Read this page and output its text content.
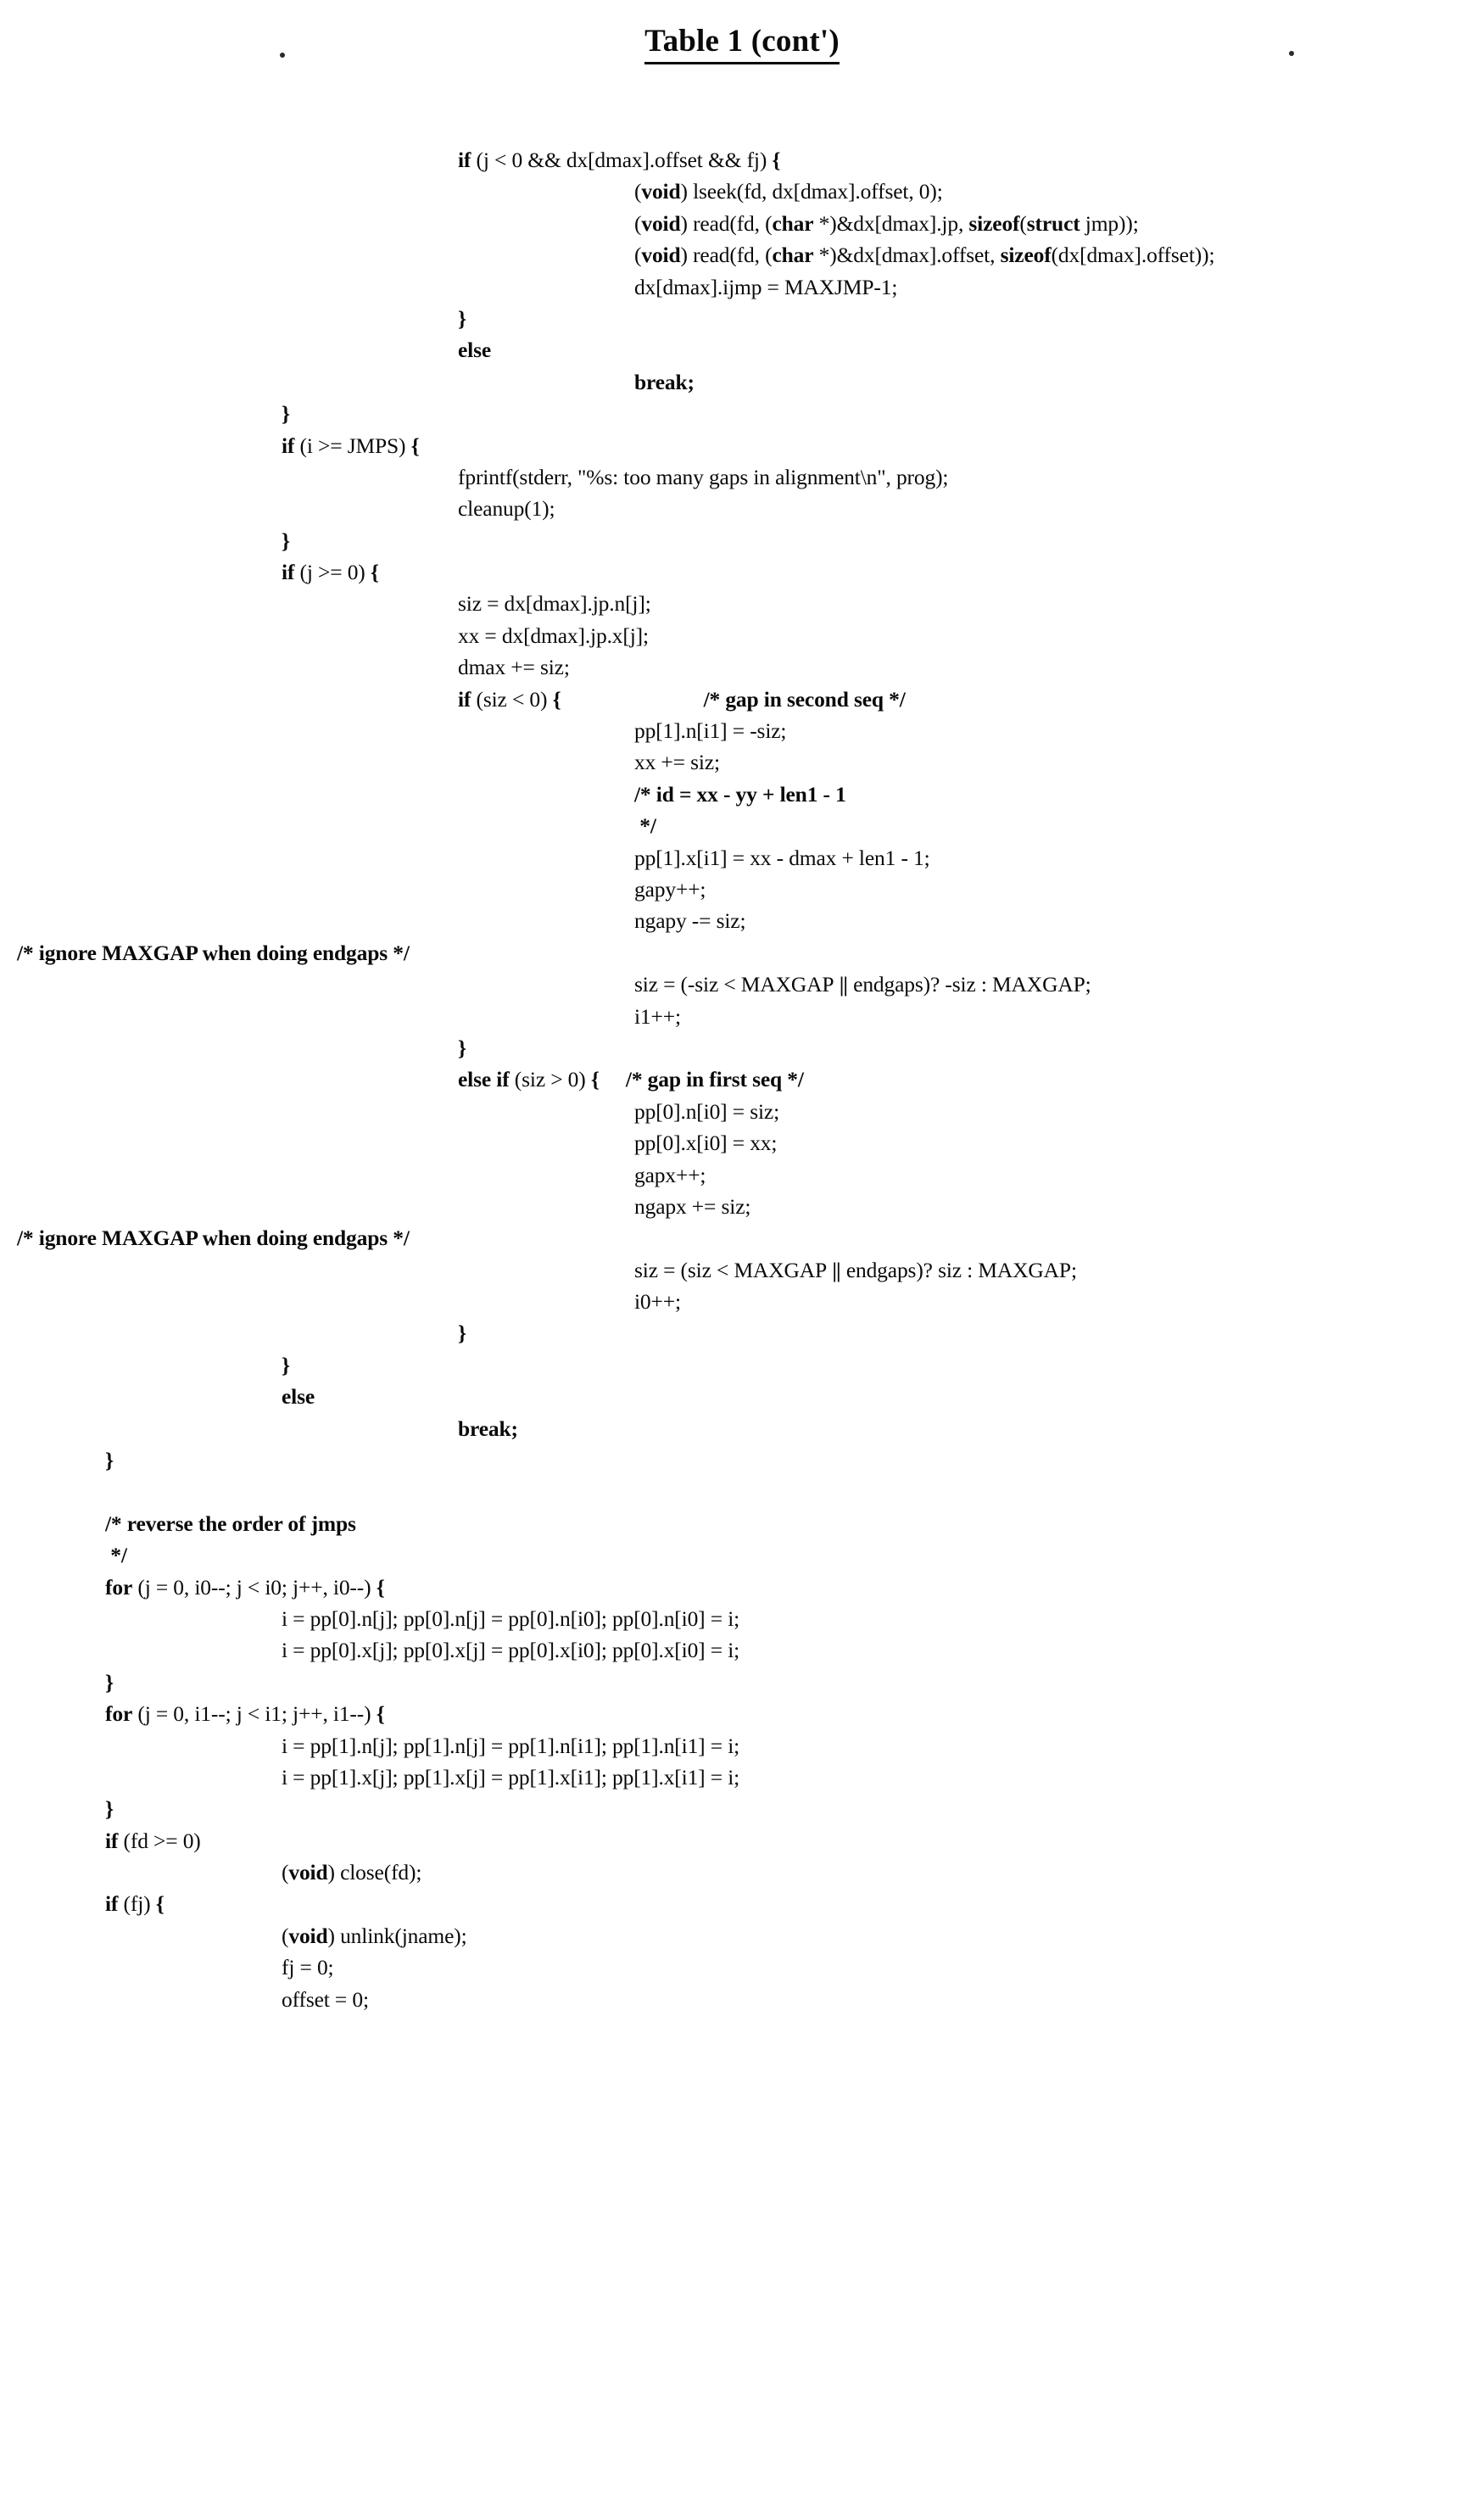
Table 1 (cont')
if (j < 0 && dx[dmax].offset && fj) {
(void) lseek(fd, dx[dmax].offset, 0);
(void) read(fd, (char *)&dx[dmax].jp, sizeof(struct jmp));
(void) read(fd, (char *)&dx[dmax].offset, sizeof(dx[dmax].offset));
dx[dmax].ijmp = MAXJMP-1;
}
else
break;
}
if (i >= JMPS) {
fprintf(stderr, "%s: too many gaps in alignment\n", prog);
cleanup(1);
}
if (j >= 0) {
siz = dx[dmax].jp.n[j];
xx = dx[dmax].jp.x[j];
dmax += siz;
if (siz < 0) {	/* gap in second seq */
pp[1].n[i1] = -siz;
xx += siz;
/* id = xx - yy + len1 - 1
*/
pp[1].x[i1] = xx - dmax + len1 - 1;
gapy++;
ngapy -= siz;
/* ignore MAXGAP when doing endgaps */
siz = (-siz < MAXGAP || endgaps)? -siz : MAXGAP;
i1++;
}
else if (siz > 0) { /* gap in first seq */
pp[0].n[i0] = siz;
pp[0].x[i0] = xx;
gapx++;
ngapx += siz;
/* ignore MAXGAP when doing endgaps */
siz = (siz < MAXGAP || endgaps)? siz : MAXGAP;
i0++;
}
}
else
break;
}
/* reverse the order of jmps
*/
for (j = 0, i0--; j < i0; j++, i0--) {
i = pp[0].n[j]; pp[0].n[j] = pp[0].n[i0]; pp[0].n[i0] = i;
i = pp[0].x[j]; pp[0].x[j] = pp[0].x[i0]; pp[0].x[i0] = i;
}
for (j = 0, i1--; j < i1; j++, i1--) {
i = pp[1].n[j]; pp[1].n[j] = pp[1].n[i1]; pp[1].n[i1] = i;
i = pp[1].x[j]; pp[1].x[j] = pp[1].x[i1]; pp[1].x[i1] = i;
}
if (fd >= 0)
(void) close(fd);
if (fj) {
(void) unlink(jname);
fj = 0;
offset = 0;
